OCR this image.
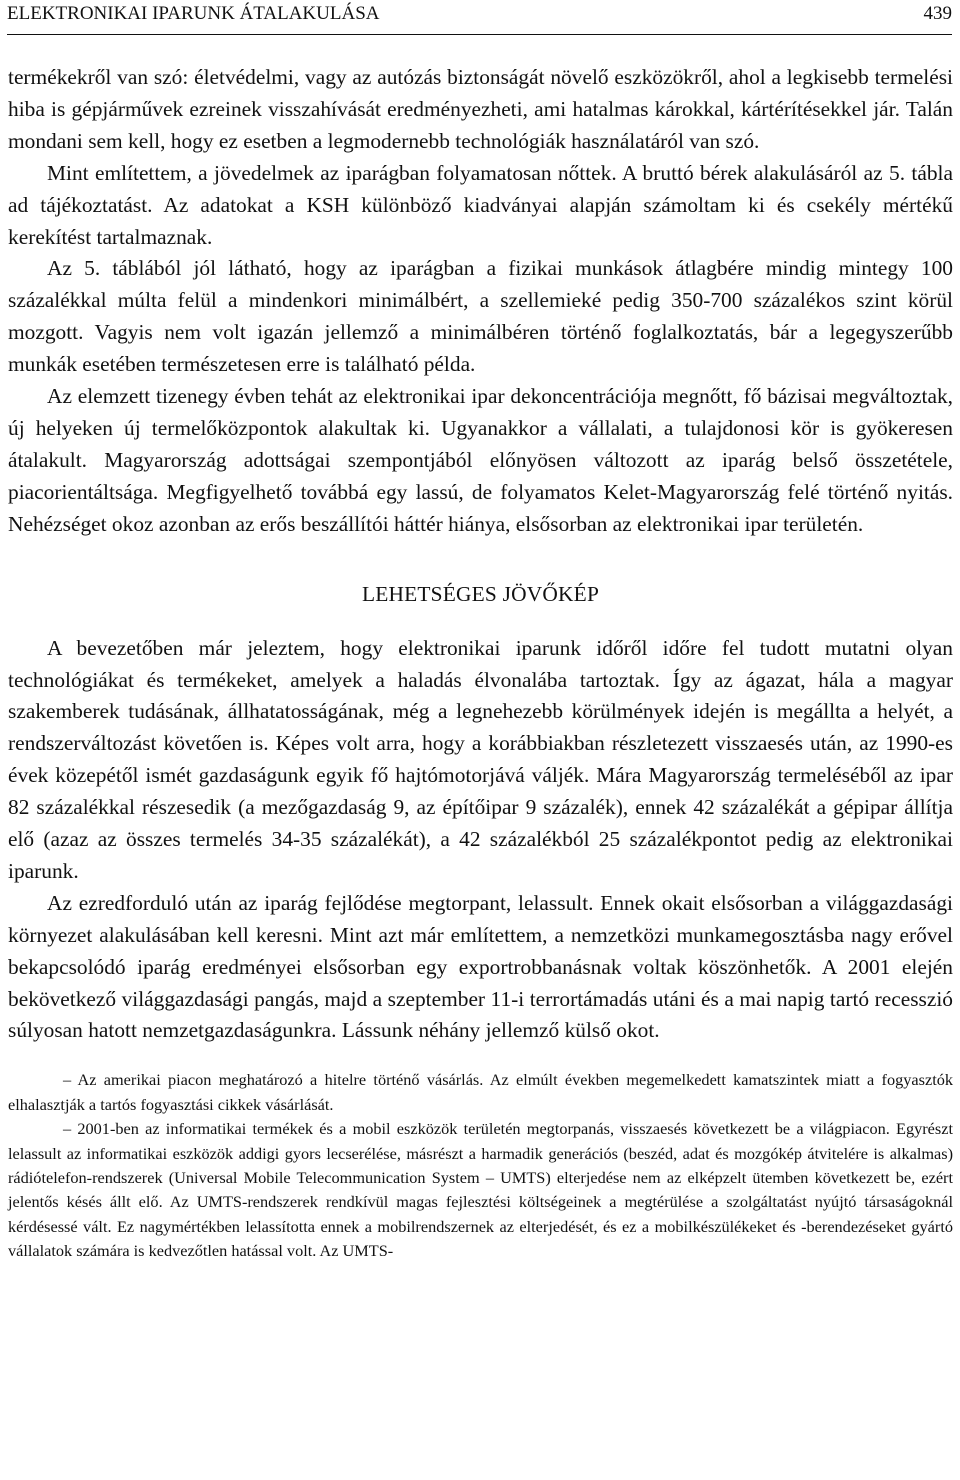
ELEKTRONIKAI IPARUNK ÁTALAKULÁSA	439

termékekről van szó: életvédelmi, vagy az autózás biztonságát növelő eszközökről, ahol a legkisebb termelési hiba is gépjárművek ezreinek visszahívását eredményezheti, ami hatalmas károkkal, kártérítésekkel jár. Talán mondani sem kell, hogy ez esetben a legmodernebb technológiák használatáról van szó.

Mint említettem, a jövedelmek az iparágban folyamatosan nőttek. A bruttó bérek alakulásáról az 5. tábla ad tájékoztatást. Az adatokat a KSH különböző kiadványai alapján számoltam ki és csekély mértékű kerekítést tartalmaznak.

Az 5. táblából jól látható, hogy az iparágban a fizikai munkások átlagbére mindig mintegy 100 százalékkal múlta felül a mindenkori minimálbért, a szellemieké pedig 350-700 százalékos szint körül mozgott. Vagyis nem volt igazán jellemző a minimálbéren történő foglalkoztatás, bár a legegyszerűbb munkák esetében természetesen erre is található példa.

Az elemzett tizenegy évben tehát az elektronikai ipar dekoncentrációja megnőtt, fő bázisai megváltoztak, új helyeken új termelőközpontok alakultak ki. Ugyanakkor a vállalati, a tulajdonosi kör is gyökeresen átalakult. Magyarország adottságai szempontjából előnyösen változott az iparág belső összetétele, piacorientáltsága. Megfigyelhető továbbá egy lassú, de folyamatos Kelet-Magyarország felé történő nyitás. Nehézséget okoz azonban az erős beszállítói háttér hiánya, elsősorban az elektronikai ipar területén.

LEHETSÉGES JÖVŐKÉP

A bevezetőben már jeleztem, hogy elektronikai iparunk időről időre fel tudott mutatni olyan technológiákat és termékeket, amelyek a haladás élvonalába tartoztak. Így az ágazat, hála a magyar szakemberek tudásának, állhatatosságának, még a legnehezebb körülmények idején is megállta a helyét, a rendszerváltozást követően is. Képes volt arra, hogy a korábbiakban részletezett visszaesés után, az 1990-es évek közepétől ismét gazdaságunk egyik fő hajtómotorjává váljék. Mára Magyarország termeléséből az ipar 82 százalékkal részesedik (a mezőgazdaság 9, az építőipar 9 százalék), ennek 42 százalékát a gépipar állítja elő (azaz az összes termelés 34-35 százalékát), a 42 százalékból 25 százalékpontot pedig az elektronikai iparunk.

Az ezredforduló után az iparág fejlődése megtorpant, lelassult. Ennek okait elsősorban a világgazdasági környezet alakulásában kell keresni. Mint azt már említettem, a nemzetközi munkamegosztásba nagy erővel bekapcsolódó iparág eredményei elsősorban egy exportrobbanásnak voltak köszönhetők. A 2001 elején bekövetkező világgazdasági pangás, majd a szeptember 11-i terrortámadás utáni és a mai napig tartó recesszió súlyosan hatott nemzetgazdaságunkra. Lássunk néhány jellemző külső okot.

– Az amerikai piacon meghatározó a hitelre történő vásárlás. Az elmúlt években megemelkedett kamatszintek miatt a fogyasztók elhalasztják a tartós fogyasztási cikkek vásárlását.

– 2001-ben az informatikai termékek és a mobil eszközök területén megtorpanás, visszaesés következett be a világpiacon. Egyrészt lelassult az informatikai eszközök addigi gyors lecserélése, másrészt a harmadik generációs (beszéd, adat és mozgókép átvitelére is alkalmas) rádiótelefon-rendszerek (Universal Mobile Telecommunication System – UMTS) elterjedése nem az elképzelt ütemben következett be, ezért jelentős késés állt elő. Az UMTS-rendszerek rendkívül magas fejlesztési költségeinek a megtérülése a szolgáltatást nyújtó társaságoknál kérdésessé vált. Ez nagymértékben lelassította ennek a mobilrendszernek az elterjedését, és ez a mobilkészülékeket és -berendezéseket gyártó vállalatok számára is kedvezőtlen hatással volt. Az UMTS-
